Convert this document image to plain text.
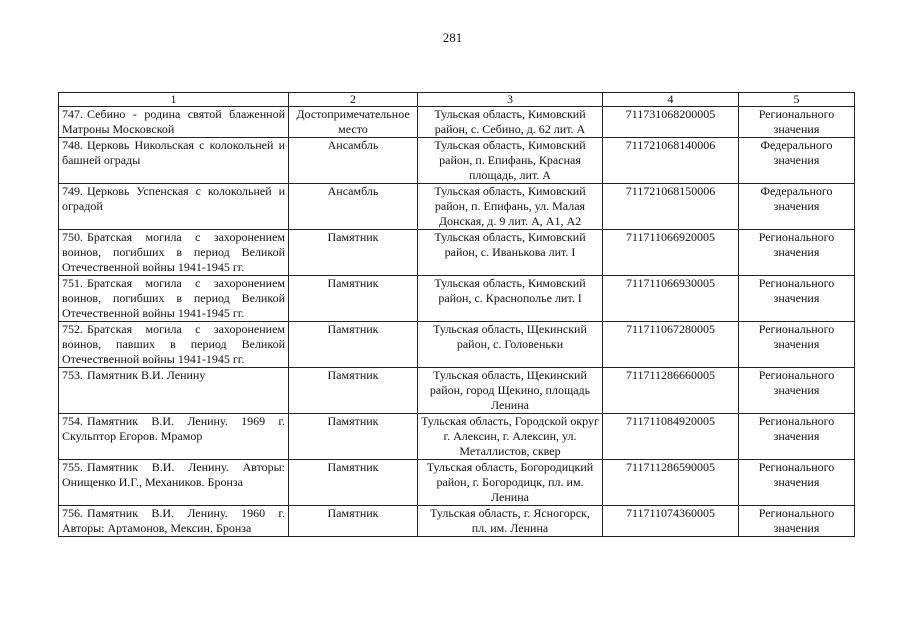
281
1	2	3	4	5
747. Себино - родина святой блаженной Матроны Московской	Достопримечательное место	Тульская область, Кимовский район, с. Себино, д. 62 лит. А	711731068200005	Регионального значения
748. Церковь Никольская с колокольней и башней ограды	Ансамбль	Тульская область, Кимовский район, п. Епифань, Красная площадь, лит. А	711721068140006	Федерального значения
749. Церковь Успенская с колокольней и оградой	Ансамбль	Тульская область, Кимовский район, п. Епифань, ул. Малая Донская, д. 9 лит. А, А1, А2	711721068150006	Федерального значения
750. Братская могила с захоронением воинов, погибших в период Великой Отечественной войны 1941-1945 гг.	Памятник	Тульская область, Кимовский район, с. Иванькова лит. I	711711066920005	Регионального значения
751. Братская могила с захоронением воинов, погибших в период Великой Отечественной войны 1941-1945 гг.	Памятник	Тульская область, Кимовский район, с. Краснополье лит. I	711711066930005	Регионального значения
752. Братская могила с захоронением воинов, павших в период Великой Отечественной войны 1941-1945 гг.	Памятник	Тульская область, Щекинский район, с. Головеньки	711711067280005	Регионального значения
753. Памятник В.И. Ленину	Памятник	Тульская область, Щекинский район, город Щекино, площадь Ленина	711711286660005	Регионального значения
754. Памятник В.И. Ленину. 1969 г. Скульптор Егоров. Мрамор	Памятник	Тульская область, Городской округ г. Алексин, г. Алексин, ул. Металлистов, сквер	711711084920005	Регионального значения
755. Памятник В.И. Ленину. Авторы: Онищенко И.Г., Механиков. Бронза	Памятник	Тульская область, Богородицкий район, г. Богородицк, пл. им. Ленина	711711286590005	Регионального значения
756. Памятник В.И. Ленину. 1960 г. Авторы: Артамонов, Мексин. Бронза	Памятник	Тульская область, г. Ясногорск, пл. им. Ленина	711711074360005	Регионального значения
